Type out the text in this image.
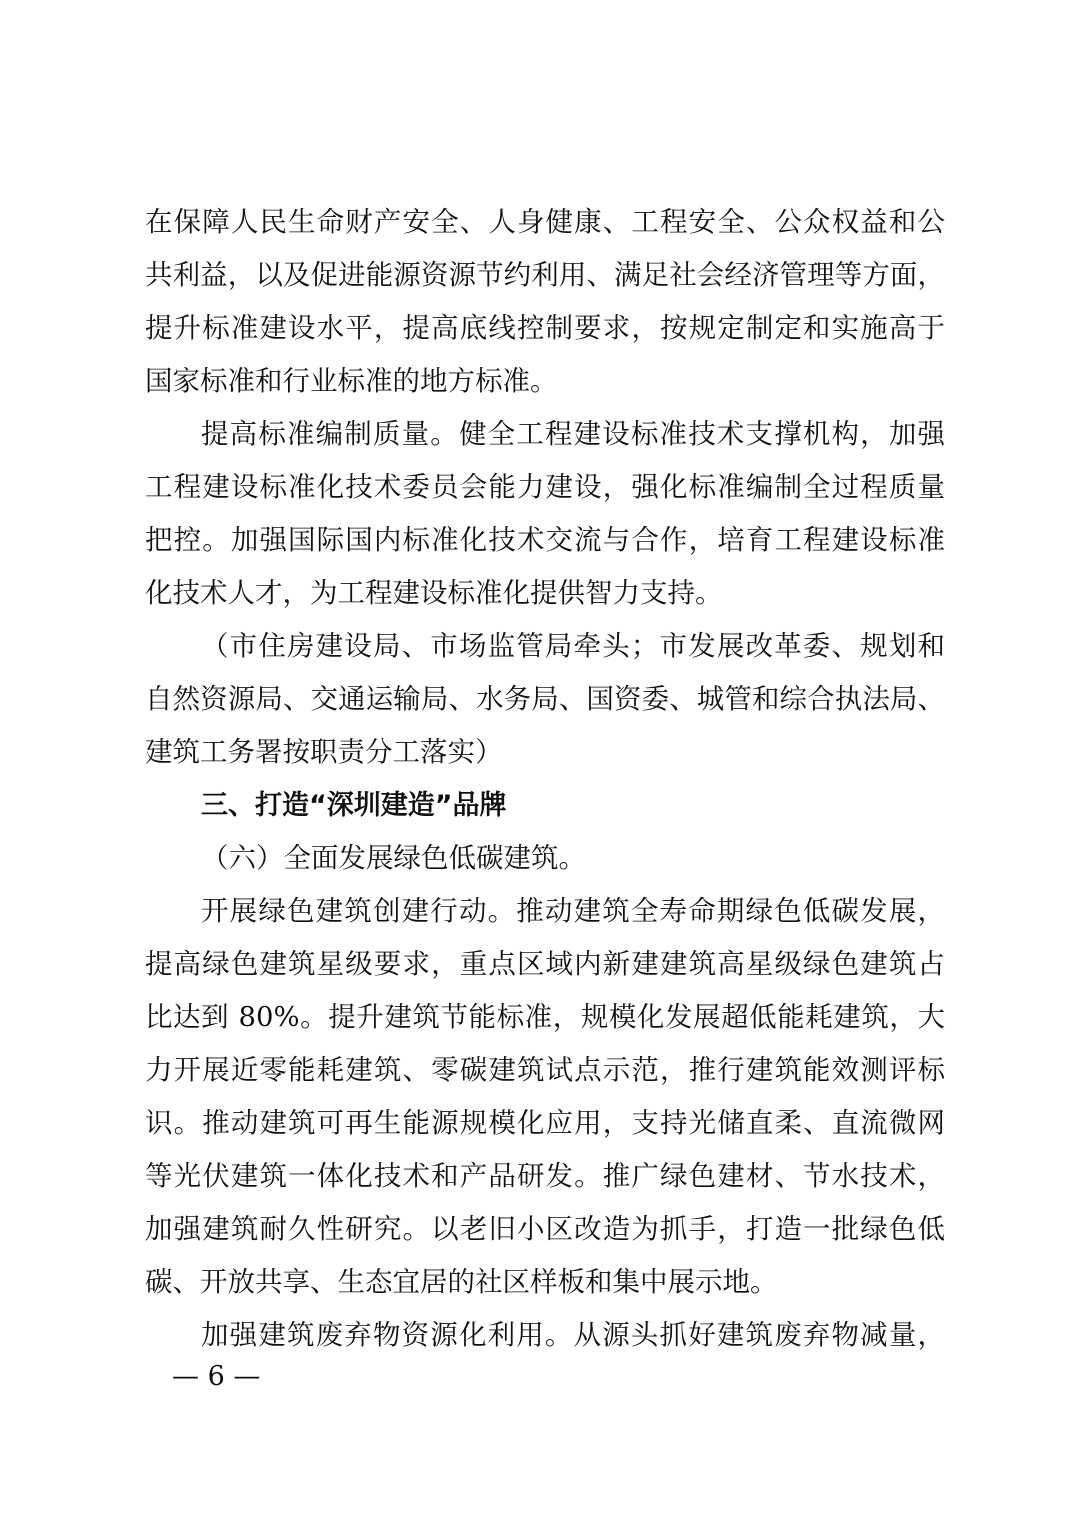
在保障人民生命财产安全、人身健康、工程安全、公众权益和公
共利益，以及促进能源资源节约利用、满足社会经济管理等方面，
提升标准建设水平，提高底线控制要求，按规定制定和实施高于
国家标准和行业标准的地方标准。
提高标准编制质量。健全工程建设标准技术支撑机构，加强
工程建设标准化技术委员会能力建设，强化标准编制全过程质量
把控。加强国际国内标准化技术交流与合作，培育工程建设标准
化技术人才，为工程建设标准化提供智力支持。
（市住房建设局、市场监管局牵头；市发展改革委、规划和
自然资源局、交通运输局、水务局、国资委、城管和综合执法局、
建筑工务署按职责分工落实）
三、打造“深圳建造”品牌
（六）全面发展绿色低碳建筑。
开展绿色建筑创建行动。推动建筑全寿命期绿色低碳发展，
提高绿色建筑星级要求，重点区域内新建建筑高星级绿色建筑占
比达到 80%。提升建筑节能标准，规模化发展超低能耗建筑，大
力开展近零能耗建筑、零碳建筑试点示范，推行建筑能效测评标
识。推动建筑可再生能源规模化应用，支持光储直柔、直流微网
等光伏建筑一体化技术和产品研发。推广绿色建材、节水技术，
加强建筑耐久性研究。以老旧小区改造为抓手，打造一批绿色低
碳、开放共享、生态宜居的社区样板和集中展示地。
加强建筑废弃物资源化利用。从源头抓好建筑废弃物减量，
— 6 —
